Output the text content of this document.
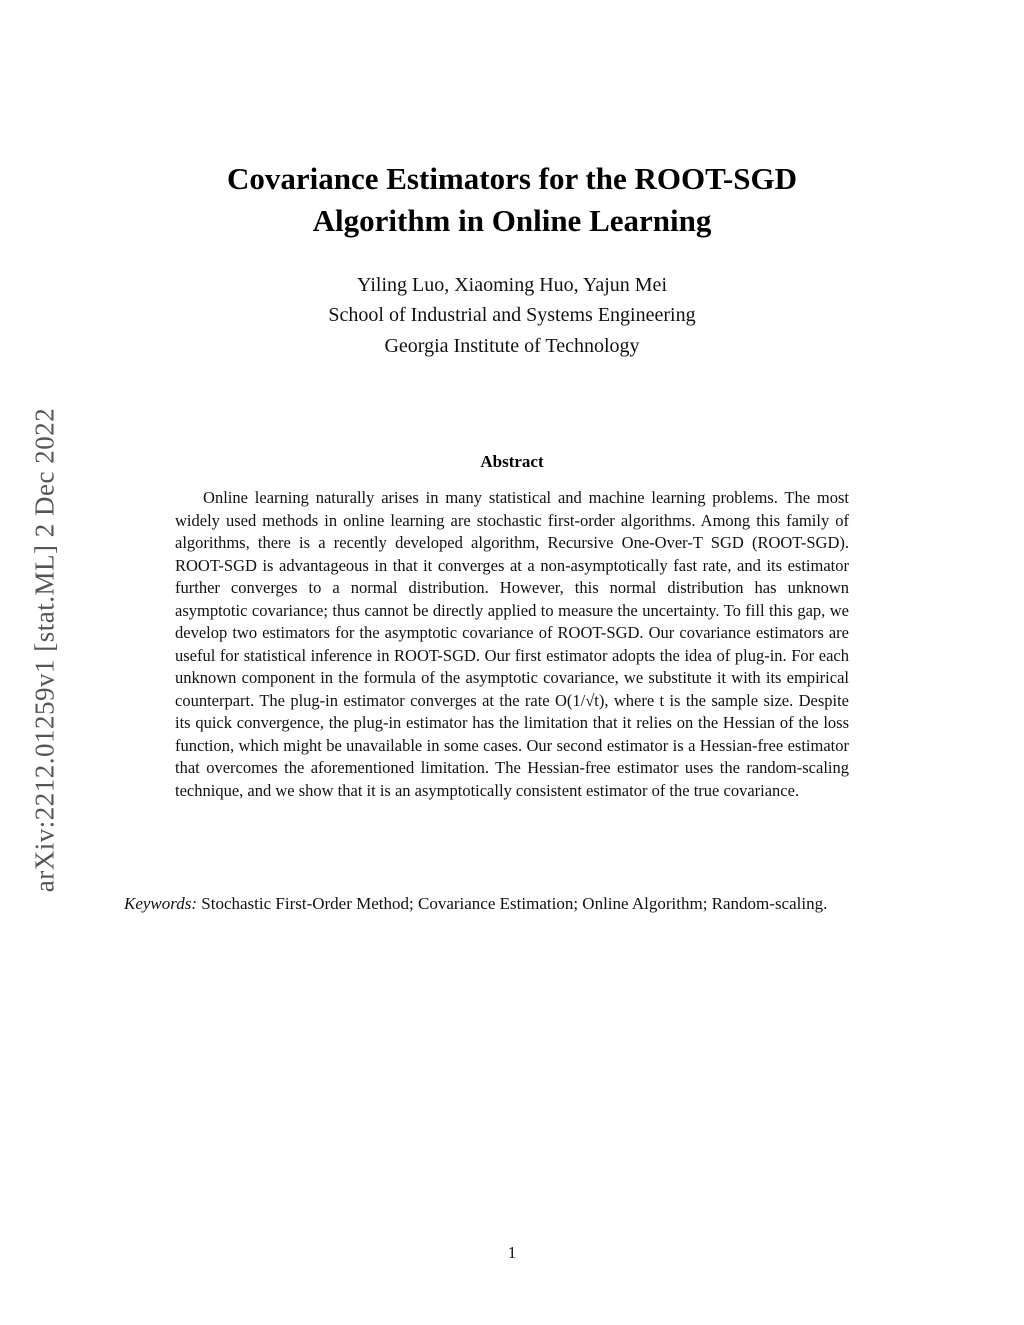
arXiv:2212.01259v1 [stat.ML] 2 Dec 2022
Covariance Estimators for the ROOT-SGD
Algorithm in Online Learning
Yiling Luo, Xiaoming Huo, Yajun Mei
School of Industrial and Systems Engineering
Georgia Institute of Technology
Abstract
Online learning naturally arises in many statistical and machine learning problems. The most widely used methods in online learning are stochastic first-order algorithms. Among this family of algorithms, there is a recently developed algorithm, Recursive One-Over-T SGD (ROOT-SGD). ROOT-SGD is advantageous in that it converges at a non-asymptotically fast rate, and its estimator further converges to a normal distribution. However, this normal distribution has unknown asymptotic covariance; thus cannot be directly applied to measure the uncertainty. To fill this gap, we develop two estimators for the asymptotic covariance of ROOT-SGD. Our covariance estimators are useful for statistical inference in ROOT-SGD. Our first estimator adopts the idea of plug-in. For each unknown component in the formula of the asymptotic covariance, we substitute it with its empirical counterpart. The plug-in estimator converges at the rate O(1/√t), where t is the sample size. Despite its quick convergence, the plug-in estimator has the limitation that it relies on the Hessian of the loss function, which might be unavailable in some cases. Our second estimator is a Hessian-free estimator that overcomes the aforementioned limitation. The Hessian-free estimator uses the random-scaling technique, and we show that it is an asymptotically consistent estimator of the true covariance.
Keywords: Stochastic First-Order Method; Covariance Estimation; Online Algorithm; Random-scaling.
1
